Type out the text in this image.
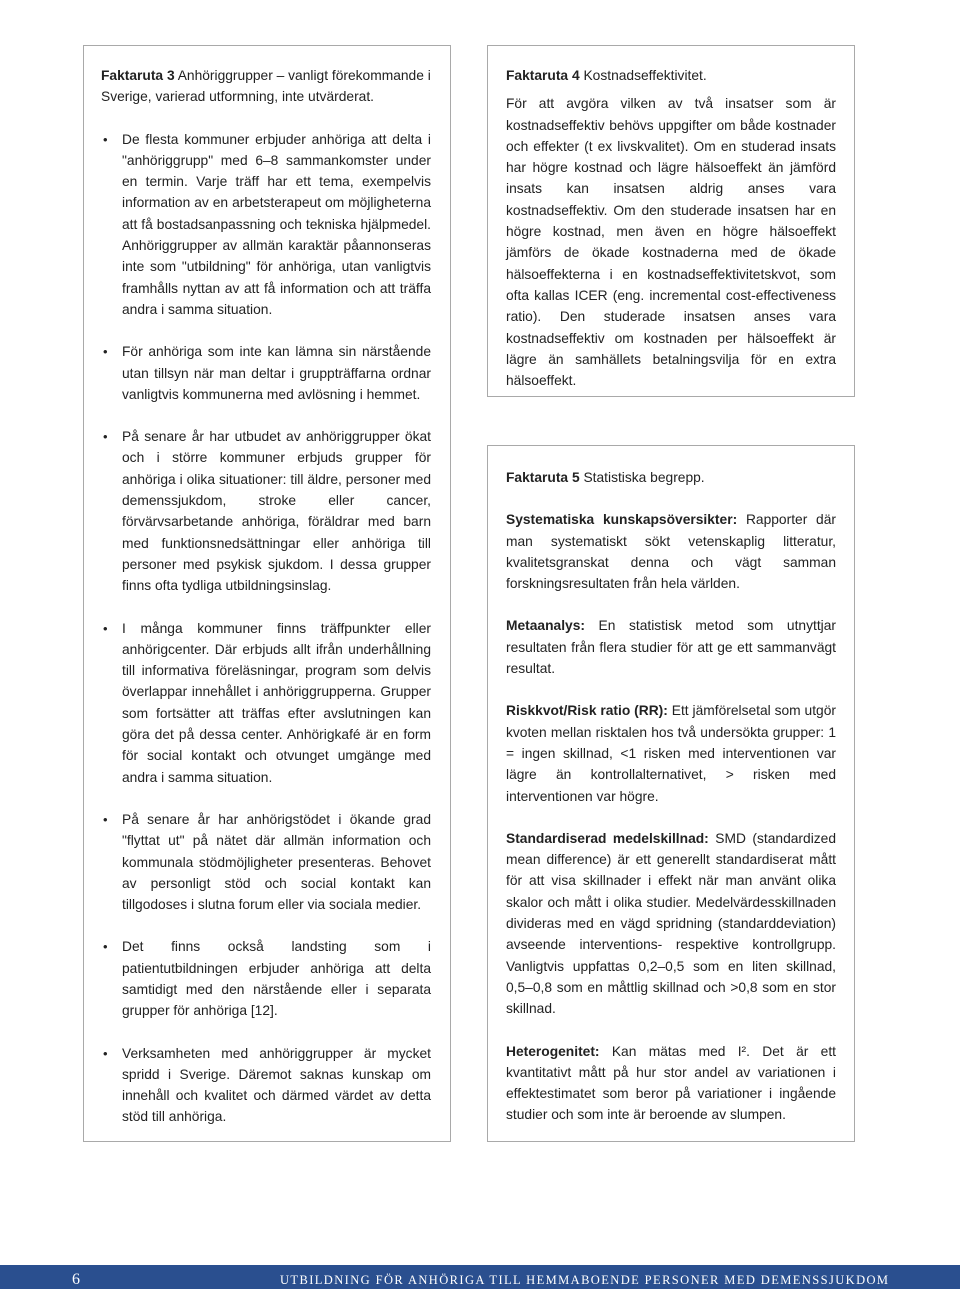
Faktaruta 3 Anhöriggrupper – vanligt förekommande i Sverige, varierad utformning, inte utvärderat.

• De flesta kommuner erbjuder anhöriga att delta i "anhöriggrupp" med 6–8 sammankomster under en termin. Varje träff har ett tema, exempelvis information av en arbetsterapeut om möjligheterna att få bostadsanpassning och tekniska hjälpmedel. Anhöriggrupper av allmän karaktär påannonseras inte som "utbildning" för anhöriga, utan vanligtvis framhålls nyttan av att få information och att träffa andra i samma situation.
• För anhöriga som inte kan lämna sin närstående utan tillsyn när man deltar i gruppträffarna ordnar vanligtvis kommunerna med avlösning i hemmet.
• På senare år har utbudet av anhöriggrupper ökat och i större kommuner erbjuds grupper för anhöriga i olika situationer: till äldre, personer med demenssjukdom, stroke eller cancer, förvärvsarbetande anhöriga, föräldrar med barn med funktionsnedsättningar eller anhöriga till personer med psykisk sjukdom. I dessa grupper finns ofta tydliga utbildningsinslag.
• I många kommuner finns träffpunkter eller anhörigcenter. Där erbjuds allt ifrån underhållning till informativa föreläsningar, program som delvis överlappar innehållet i anhöriggrupperna. Grupper som fortsätter att träffas efter avslutningen kan göra det på dessa center. Anhörigkafé är en form för social kontakt och otvunget umgänge med andra i samma situation.
• På senare år har anhörigstödet i ökande grad "flyttat ut" på nätet där allmän information och kommunala stödmöjligheter presenteras. Behovet av personligt stöd och social kontakt kan tillgodoses i slutna forum eller via sociala medier.
• Det finns också landsting som i patientutbildningen erbjuder anhöriga att delta samtidigt med den närstående eller i separata grupper för anhöriga [12].
• Verksamheten med anhöriggrupper är mycket spridd i Sverige. Däremot saknas kunskap om innehåll och kvalitet och därmed värdet av detta stöd till anhöriga.

Faktaruta 4 Kostnadseffektivitet.

För att avgöra vilken av två insatser som är kostnadseffektiv behövs uppgifter om både kostnader och effekter (t ex livskvalitet). Om en studerad insats har högre kostnad och lägre hälsoeffekt än jämförd insats kan insatsen aldrig anses vara kostnadseffektiv. Om den studerade insatsen har en högre kostnad, men även en högre hälsoeffekt jämförs de ökade kostnaderna med de ökade hälsoeffekterna i en kostnadseffektivitetskvot, som ofta kallas ICER (eng. incremental cost-effectiveness ratio). Den studerade insatsen anses vara kostnadseffektiv om kostnaden per hälsoeffekt är lägre än samhällets betalningsvilja för en extra hälsoeffekt.

Faktaruta 5 Statistiska begrepp.

Systematiska kunskapsöversikter: Rapporter där man systematiskt sökt vetenskaplig litteratur, kvalitetsgranskat denna och vägt samman forskningsresultaten från hela världen.

Metaanalys: En statistisk metod som utnyttjar resultaten från flera studier för att ge ett sammanvägt resultat.

Riskkvot/Risk ratio (RR): Ett jämförelsetal som utgör kvoten mellan risktalen hos två undersökta grupper: 1 = ingen skillnad, <1 risken med interventionen var lägre än kontrollalternativet, > risken med interventionen var högre.

Standardiserad medelskillnad: SMD (standardized mean difference) är ett generellt standardiserat mått för att visa skillnader i effekt när man använt olika skalor och mått i olika studier. Medelvärdesskillnaden divideras med en vägd spridning (standarddeviation) avseende interventions- respektive kontrollgrupp. Vanligtvis uppfattas 0,2–0,5 som en liten skillnad, 0,5–0,8 som en måttlig skillnad och >0,8 som en stor skillnad.

Heterogenitet: Kan mätas med I². Det är ett kvantitativt mått på hur stor andel av variationen i effektestimatet som beror på variationer i ingående studier och som inte är beroende av slumpen.

6	UTBILDNING FÖR ANHÖRIGA TILL HEMMABOENDE PERSONER MED DEMENSSJUKDOM
